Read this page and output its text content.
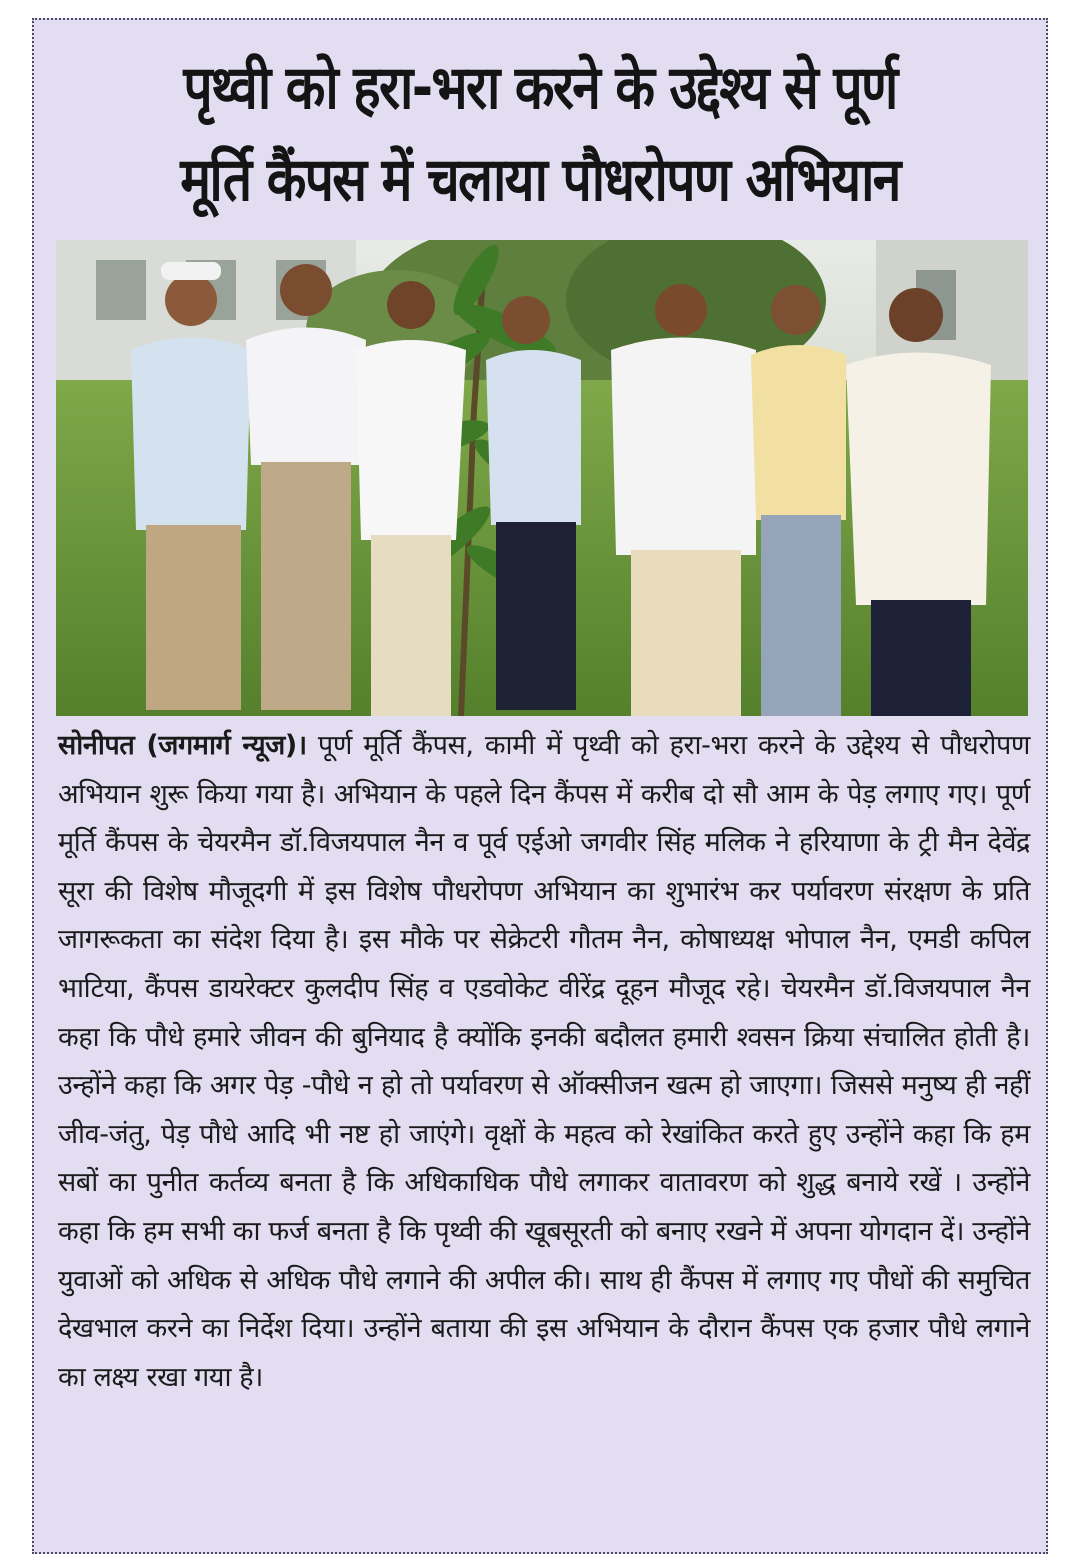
पृथ्वी को हरा-भरा करने के उद्देश्य से पूर्ण
मूर्ति कैंपस में चलाया पौधरोपण अभियान
सोनीपत (जगमार्ग न्यूज)। पूर्ण मूर्ति कैंपस, कामी में पृथ्वी को हरा-भरा करने के उद्देश्य से पौधरोपण अभियान शुरू किया गया है। अभियान के पहले दिन कैंपस में करीब दो सौ आम के पेड़ लगाए गए। पूर्ण मूर्ति कैंपस के चेयरमैन डॉ.विजयपाल नैन व पूर्व एईओ जगवीर सिंह मलिक ने हरियाणा के ट्री मैन देवेंद्र सूरा की विशेष मौजूदगी में इस विशेष पौधरोपण अभियान का शुभारंभ कर पर्यावरण संरक्षण के प्रति जागरूकता का संदेश दिया है। इस मौके पर सेक्रेटरी गौतम नैन, कोषाध्यक्ष भोपाल नैन, एमडी कपिल भाटिया, कैंपस डायरेक्टर कुलदीप सिंह व एडवोकेट वीरेंद्र दूहन मौजूद रहे। चेयरमैन डॉ.विजयपाल नैन कहा कि पौधे हमारे जीवन की बुनियाद है क्योंकि इनकी बदौलत हमारी श्वसन क्रिया संचालित होती है। उन्होंने कहा कि अगर पेड़ -पौधे न हो तो पर्यावरण से ऑक्सीजन खत्म हो जाएगा। जिससे मनुष्य ही नहीं जीव-जंतु, पेड़ पौधे आदि भी नष्ट हो जाएंगे। वृक्षों के महत्व को रेखांकित करते हुए उन्होंने कहा कि हम सबों का पुनीत कर्तव्य बनता है कि अधिकाधिक पौधे लगाकर वातावरण को शुद्ध बनाये रखें । उन्होंने कहा कि हम सभी का फर्ज बनता है कि पृथ्वी की खूबसूरती को बनाए रखने में अपना योगदान दें। उन्होंने युवाओं को अधिक से अधिक पौधे लगाने की अपील की। साथ ही कैंपस में लगाए गए पौधों की समुचित देखभाल करने का निर्देश दिया। उन्होंने बताया की इस अभियान के दौरान कैंपस एक हजार पौधे लगाने का लक्ष्य रखा गया है।
